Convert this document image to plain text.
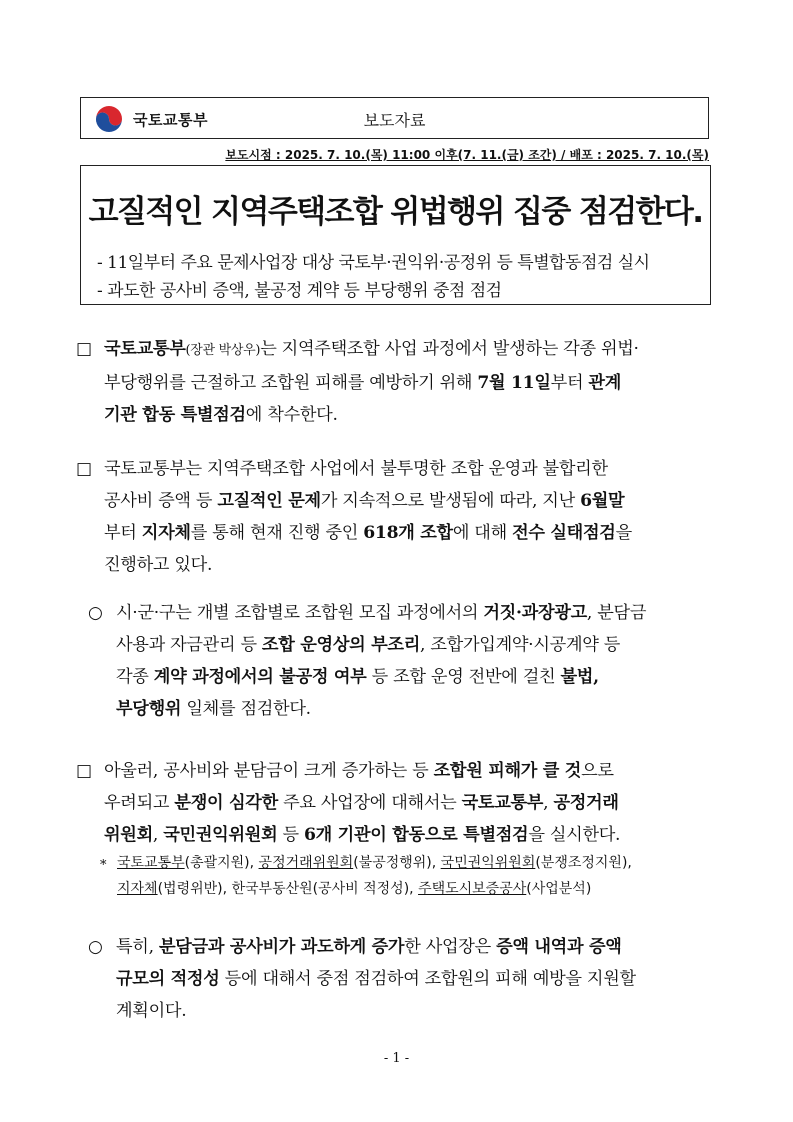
국토교통부	보도자료
보도시점 : 2025. 7. 10.(목) 11:00 이후(7. 11.(금) 조간) / 배포 : 2025. 7. 10.(목)
고질적인 지역주택조합 위법행위 집중 점검한다.
- 11일부터 주요 문제사업장 대상 국토부·권익위·공정위 등 특별합동점검 실시
- 과도한 공사비 증액, 불공정 계약 등 부당행위 중점 점검
□ 국토교통부(장관 박상우)는 지역주택조합 사업 과정에서 발생하는 각종 위법·
부당행위를 근절하고 조합원 피해를 예방하기 위해 7월 11일부터 관계
기관 합동 특별점검에 착수한다.
□ 국토교통부는 지역주택조합 사업에서 불투명한 조합 운영과 불합리한
공사비 증액 등 고질적인 문제가 지속적으로 발생됨에 따라, 지난 6월말
부터 지자체를 통해 현재 진행 중인 618개 조합에 대해 전수 실태점검을
진행하고 있다.
○ 시·군·구는 개별 조합별로 조합원 모집 과정에서의 거짓·과장광고, 분담금
사용과 자금관리 등 조합 운영상의 부조리, 조합가입계약·시공계약 등
각종 계약 과정에서의 불공정 여부 등 조합 운영 전반에 걸친 불법,
부당행위 일체를 점검한다.
□ 아울러, 공사비와 분담금이 크게 증가하는 등 조합원 피해가 클 것으로
우려되고 분쟁이 심각한 주요 사업장에 대해서는 국토교통부, 공정거래
위원회, 국민권익위원회 등 6개 기관이 합동으로 특별점검을 실시한다.
* 국토교통부(총괄지원), 공정거래위원회(불공정행위), 국민권익위원회(분쟁조정지원),
지자체(법령위반), 한국부동산원(공사비 적정성), 주택도시보증공사(사업분석)
○ 특히, 분담금과 공사비가 과도하게 증가한 사업장은 증액 내역과 증액
규모의 적정성 등에 대해서 중점 점검하여 조합원의 피해 예방을 지원할
계획이다.
- 1 -
